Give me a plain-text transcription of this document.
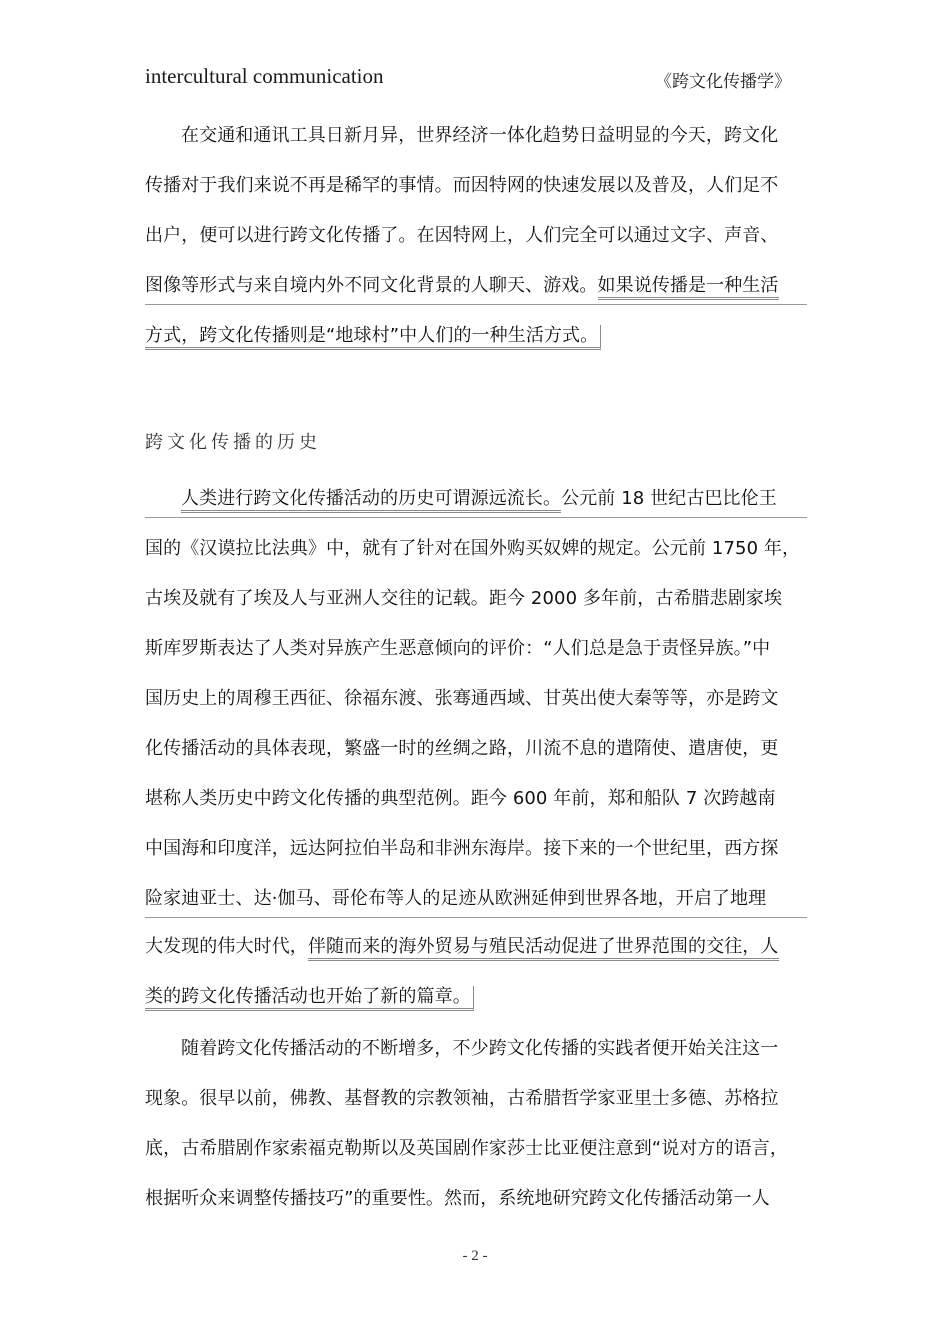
intercultural communication	《跨文化传播学》
在交通和通讯工具日新月异，世界经济一体化趋势日益明显的今天，跨文化
传播对于我们来说不再是稀罕的事情。而因特网的快速发展以及普及，人们足不
出户，便可以进行跨文化传播了。在因特网上，人们完全可以通过文字、声音、
图像等形式与来自境内外不同文化背景的人聊天、游戏。如果说传播是一种生活
方式，跨文化传播则是“地球村”中人们的一种生活方式。
跨文化传播的历史
人类进行跨文化传播活动的历史可谓源远流长。公元前 18 世纪古巴比伦王
国的《汉谟拉比法典》中，就有了针对在国外购买奴婢的规定。公元前 1750 年，
古埃及就有了埃及人与亚洲人交往的记载。距今 2000 多年前，古希腊悲剧家埃
斯库罗斯表达了人类对异族产生恶意倾向的评价：“人们总是急于责怪异族。”中
国历史上的周穆王西征、徐福东渡、张骞通西域、甘英出使大秦等等，亦是跨文
化传播活动的具体表现，繁盛一时的丝绸之路，川流不息的遣隋使、遣唐使，更
堪称人类历史中跨文化传播的典型范例。距今 600 年前，郑和船队 7 次跨越南
中国海和印度洋，远达阿拉伯半岛和非洲东海岸。接下来的一个世纪里，西方探
险家迪亚士、达·伽马、哥伦布等人的足迹从欧洲延伸到世界各地，开启了地理
大发现的伟大时代，伴随而来的海外贸易与殖民活动促进了世界范围的交往，人
类的跨文化传播活动也开始了新的篇章。
随着跨文化传播活动的不断增多，不少跨文化传播的实践者便开始关注这一
现象。很早以前，佛教、基督教的宗教领袖，古希腊哲学家亚里士多德、苏格拉
底，古希腊剧作家索福克勒斯以及英国剧作家莎士比亚便注意到“说对方的语言，
根据听众来调整传播技巧”的重要性。然而，系统地研究跨文化传播活动第一人
- 2 -
